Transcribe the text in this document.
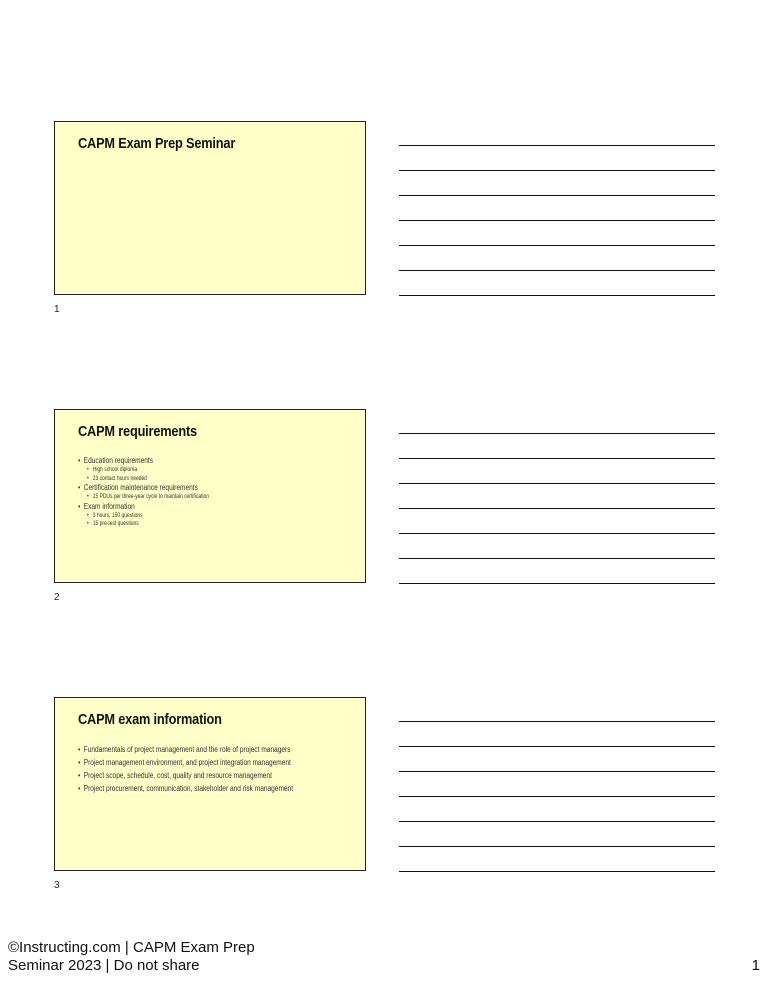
CAPM Exam Prep Seminar
1
CAPM requirements
• Education requirements
• High school diploma
• 23 contact hours needed
• Certification maintenance requirements
• 15 PDUs per three-year cycle to maintain certification
• Exam information
• 3 hours, 150 questions
• 15 pre-test questions
2
CAPM exam information
• Fundamentals of project management and the role of project managers
• Project management environment, and project integration management
• Project scope, schedule, cost, quality and resource management
• Project procurement, communication, stakeholder and risk management
3
©Instructing.com | CAPM Exam Prep
Seminar 2023 | Do not share	1
